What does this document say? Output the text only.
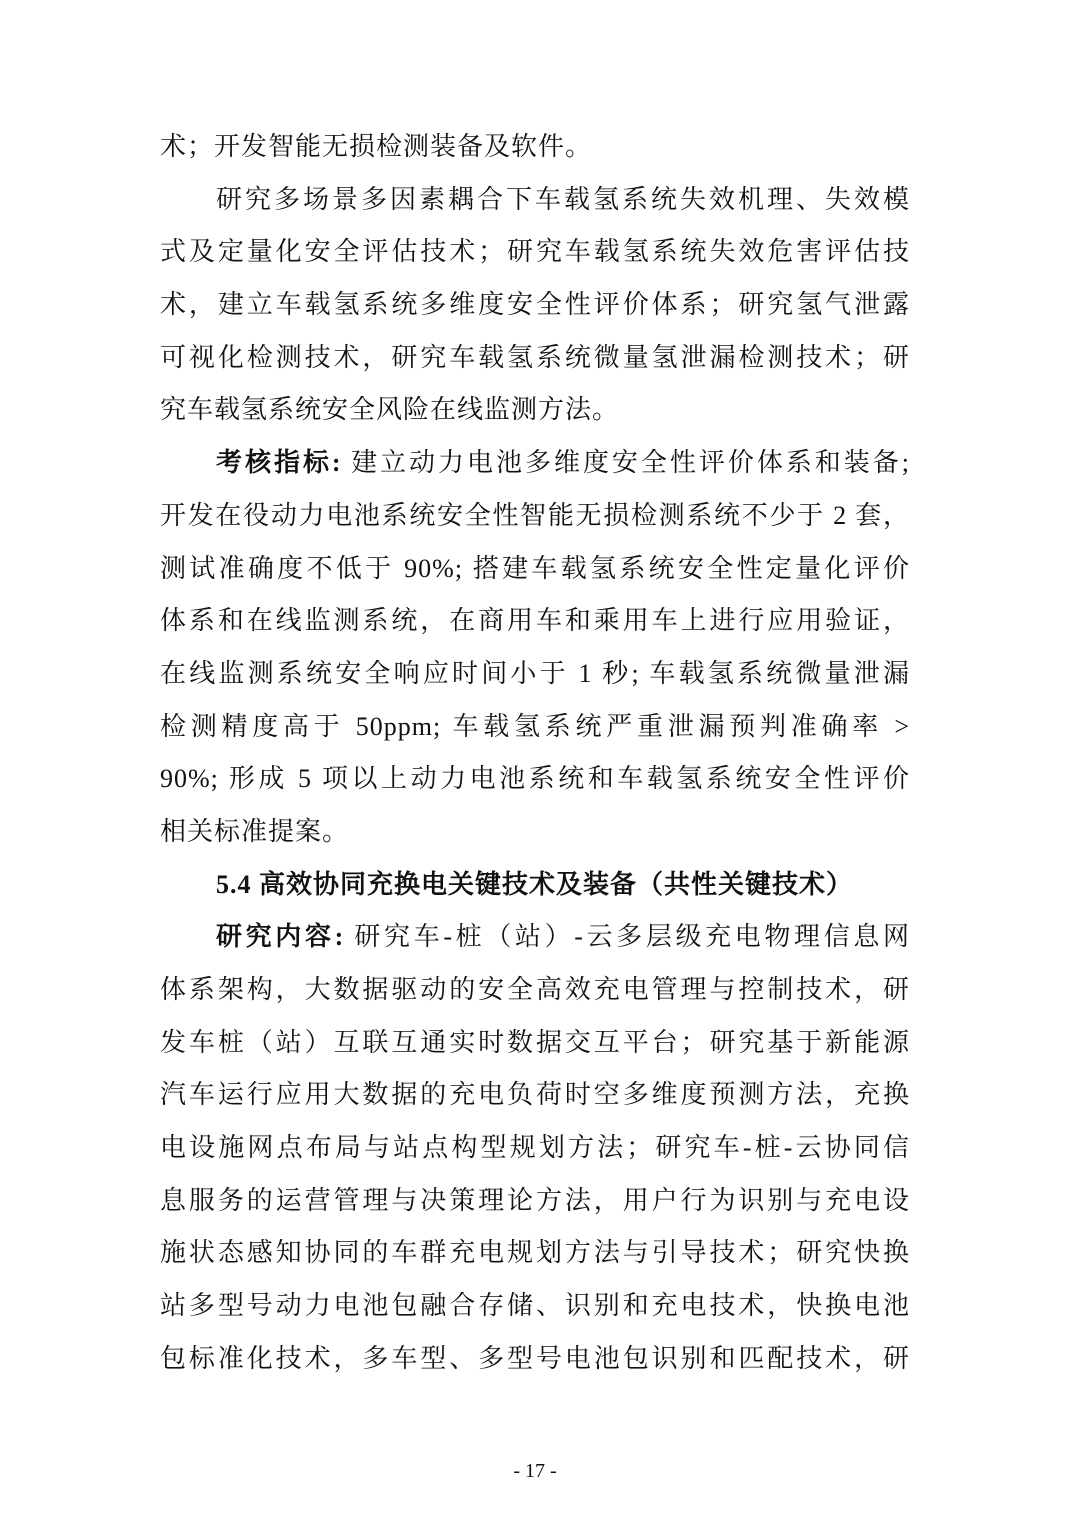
术；开发智能无损检测装备及软件。
研究多场景多因素耦合下车载氢系统失效机理、失效模
式及定量化安全评估技术；研究车载氢系统失效危害评估技
术，建立车载氢系统多维度安全性评价体系；研究氢气泄露
可视化检测技术，研究车载氢系统微量氢泄漏检测技术；研
究车载氢系统安全风险在线监测方法。
考核指标: 建立动力电池多维度安全性评价体系和装备;
开发在役动力电池系统安全性智能无损检测系统不少于 2 套，
测试准确度不低于 90%; 搭建车载氢系统安全性定量化评价
体系和在线监测系统，在商用车和乘用车上进行应用验证，
在线监测系统安全响应时间小于 1 秒; 车载氢系统微量泄漏
检测精度高于 50ppm; 车载氢系统严重泄漏预判准确率 >
90%; 形成 5 项以上动力电池系统和车载氢系统安全性评价
相关标准提案。
5.4 高效协同充换电关键技术及装备（共性关键技术）
研究内容: 研究车-桩（站）-云多层级充电物理信息网
体系架构，大数据驱动的安全高效充电管理与控制技术，研
发车桩（站）互联互通实时数据交互平台；研究基于新能源
汽车运行应用大数据的充电负荷时空多维度预测方法，充换
电设施网点布局与站点构型规划方法；研究车-桩-云协同信
息服务的运营管理与决策理论方法，用户行为识别与充电设
施状态感知协同的车群充电规划方法与引导技术；研究快换
站多型号动力电池包融合存储、识别和充电技术，快换电池
包标准化技术，多车型、多型号电池包识别和匹配技术，研
- 17 -
